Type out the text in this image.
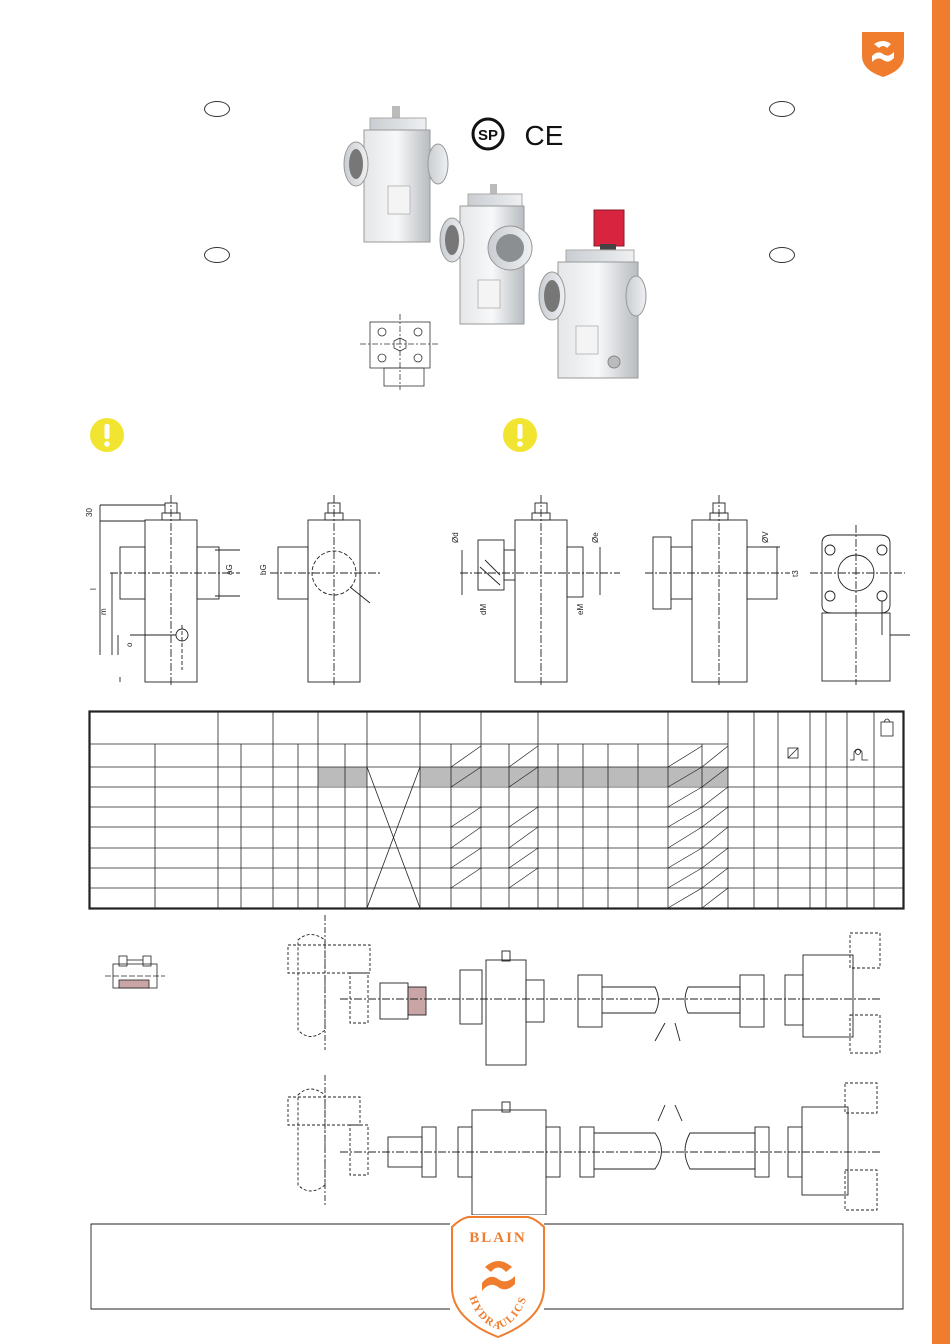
SP CE
30
aG	bG
l
m
o
Ød	Øe
dM	eM
ØV
t3
BLAIN
HYDRAULICS
